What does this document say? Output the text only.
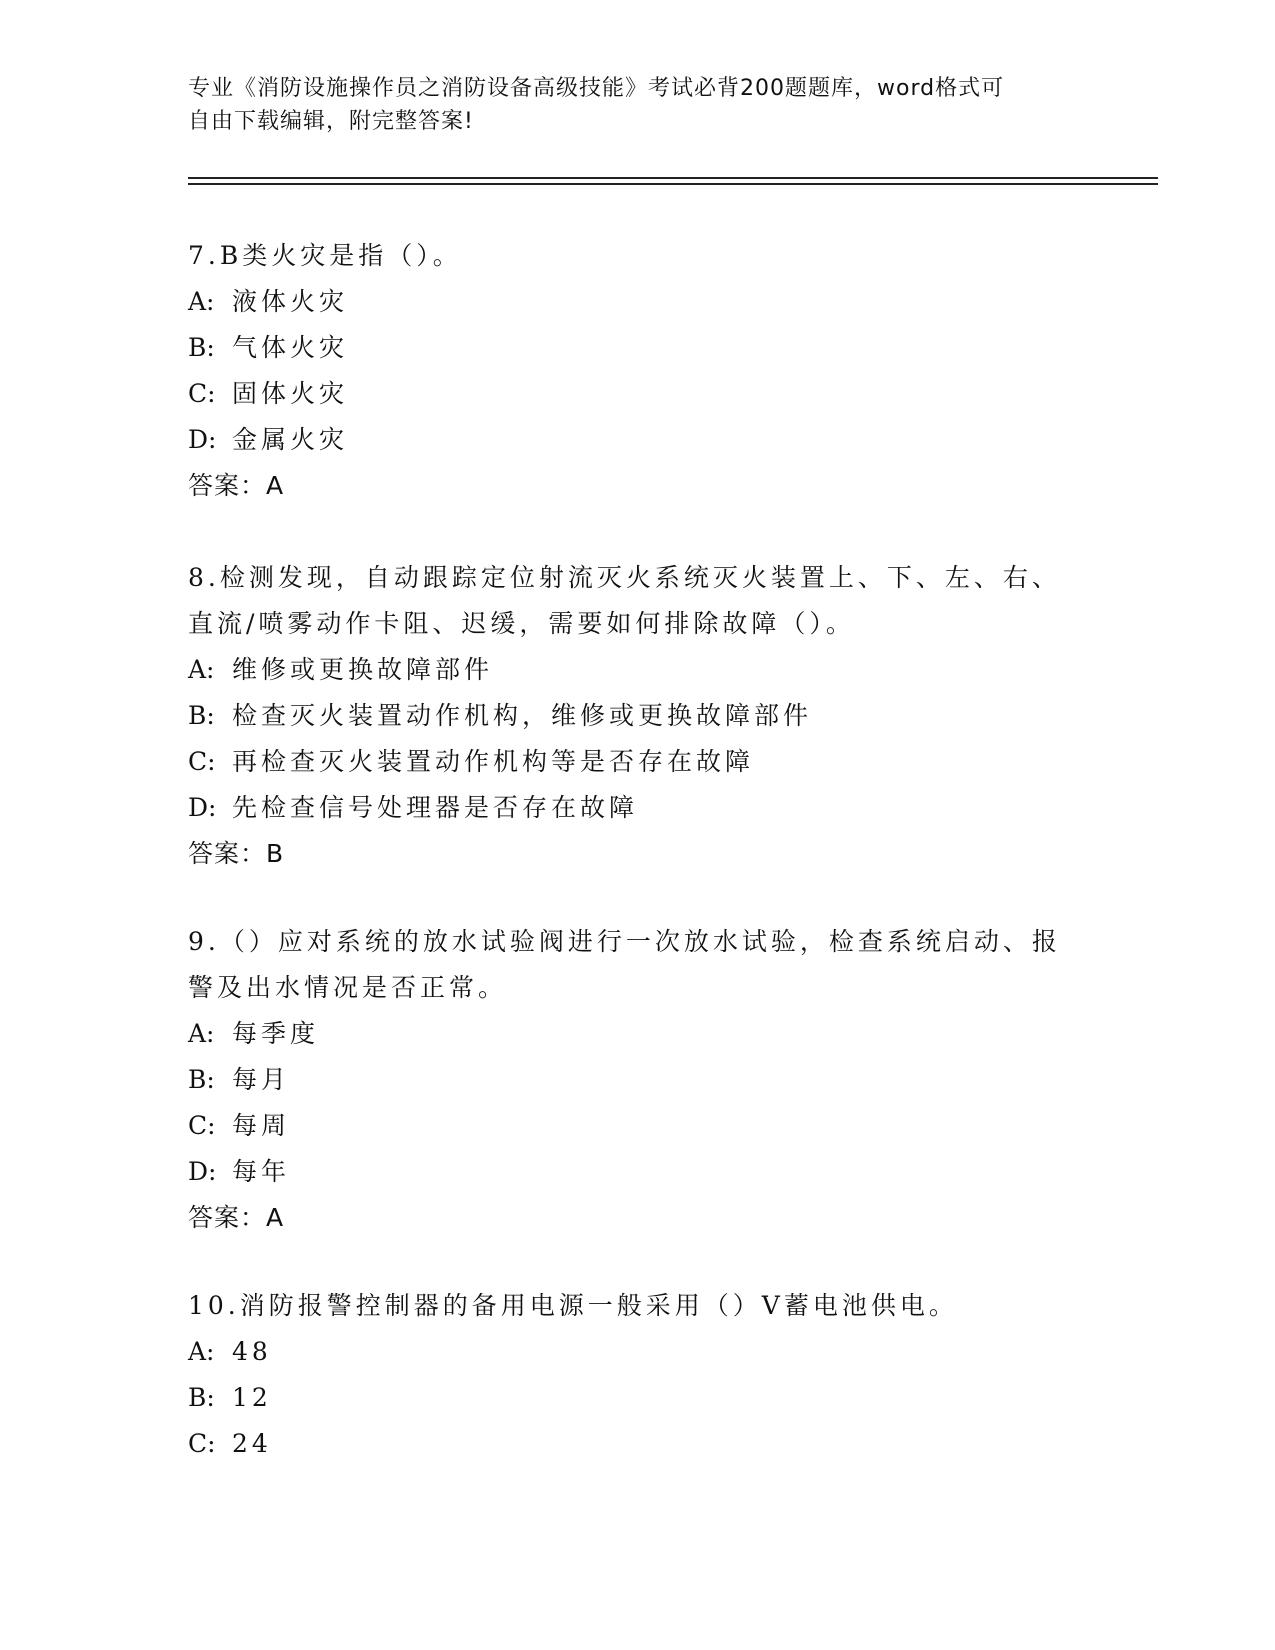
专业《消防设施操作员之消防设备高级技能》考试必背200题题库，word格式可
自由下载编辑，附完整答案!
7.B类火灾是指（）。
A: 液体火灾
B: 气体火灾
C: 固体火灾
D: 金属火灾
答案：A
8.检测发现，自动跟踪定位射流灭火系统灭火装置上、下、左、右、
直流/喷雾动作卡阻、迟缓，需要如何排除故障（）。
A: 维修或更换故障部件
B: 检查灭火装置动作机构，维修或更换故障部件
C: 再检查灭火装置动作机构等是否存在故障
D: 先检查信号处理器是否存在故障
答案：B
9.（）应对系统的放水试验阀进行一次放水试验，检查系统启动、报
警及出水情况是否正常。
A: 每季度
B: 每月
C: 每周
D: 每年
答案：A
10.消防报警控制器的备用电源一般采用（）V蓄电池供电。
A: 48
B: 12
C: 24
